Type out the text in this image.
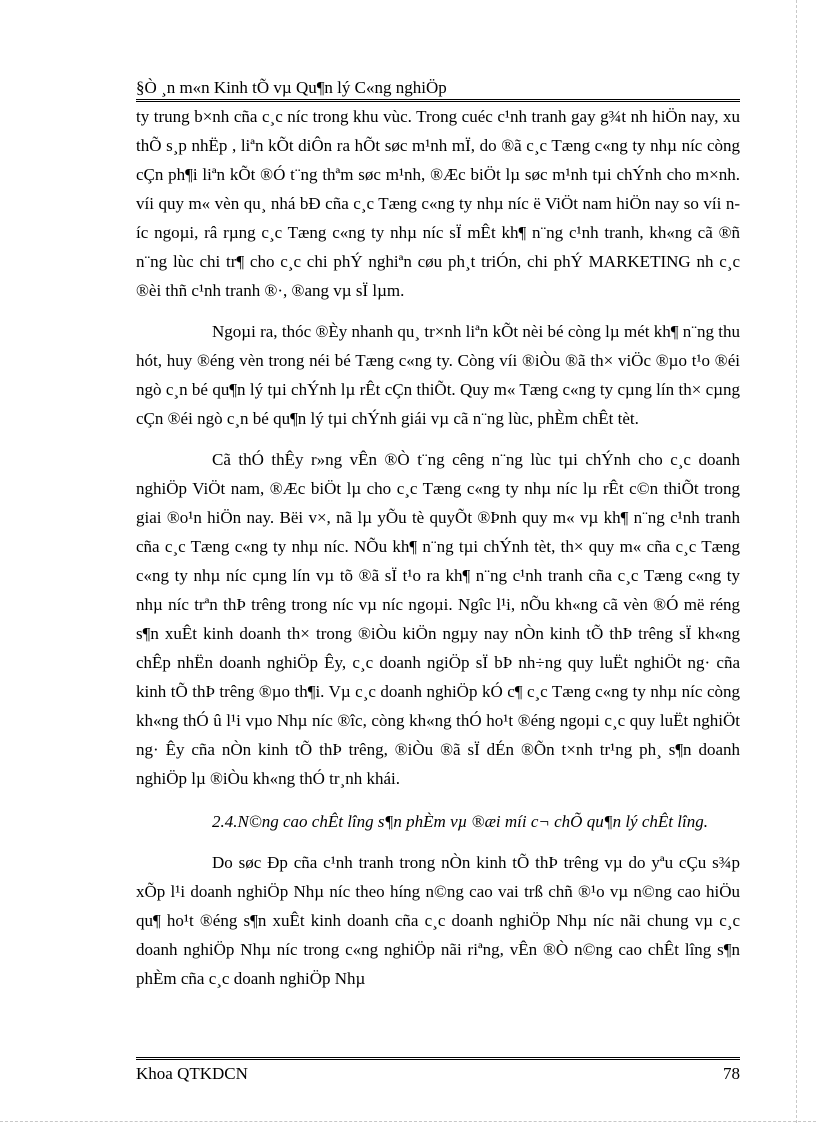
§Ò ¸n m«n Kinh tÕ vµ Qu¶n lý C«ng nghiÖp

ty trung b×nh cña c¸c níc trong khu vùc. Trong cuéc c¹nh tranh gay g¾t nh hiÖn nay, xu thÕ s¸p nhËp , liªn kÕt diÔn ra hÕt søc m¹nh mÏ, do ®ã c¸c Tæng c«ng ty nhµ níc còng cÇn ph¶i liªn kÕt ®Ó t¨ng thªm søc m¹nh, ®Æc biÖt lµ søc m¹nh tµi chÝnh cho m×nh. víi quy m« vèn qu¸ nhá bÐ cña c¸c Tæng c«ng ty nhµ níc ë ViÖt nam hiÖn nay so víi níc ngoµi, râ rµng c¸c Tæng c«ng ty nhµ níc sÏ mÊt kh¶ n¨ng c¹nh tranh, kh«ng cã ®ñ n¨ng lùc chi tr¶ cho c¸c chi phÝ nghiªn cøu ph¸t triÓn, chi phÝ MARKETING nh c¸c ®èi thñ c¹nh tranh ®·, ®ang vµ sÏ lµm.

Ngoµi ra, thóc ®Èy nhanh qu¸ tr×nh liªn kÕt nèi bé còng lµ mét kh¶ n¨ng thu hót, huy ®éng vèn trong néi bé Tæng c«ng ty. Còng víi ®iÒu ®ã th× viÖc ®µo t¹o ®éi ngò c¸n bé qu¶n lý tµi chÝnh lµ rÊt cÇn thiÕt. Quy m« Tæng c«ng ty cµng lín th× cµng cÇn ®éi ngò c¸n bé qu¶n lý tµi chÝnh giái vµ cã n¨ng lùc, phÈm chÊt tèt.

Cã thÓ thÊy r»ng vÊn ®Ò t¨ng cêng n¨ng lùc tµi chÝnh cho c¸c doanh nghiÖp ViÖt nam, ®Æc biÖt lµ cho c¸c Tæng c«ng ty nhµ níc lµ rÊt c©n thiÕt trong giai ®o¹n hiÖn nay. Bëi v×, nã lµ yÕu tè quyÕt ®Þnh quy m« vµ kh¶ n¨ng c¹nh tranh cña c¸c Tæng c«ng ty nhµ níc. NÕu kh¶ n¨ng tµi chÝnh tèt, th× quy m« cña c¸c Tæng c«ng ty nhµ níc cµng lín vµ tõ ®ã sÏ t¹o ra kh¶ n¨ng c¹nh tranh cña c¸c Tæng c«ng ty nhµ níc trªn thÞ trêng trong níc vµ níc ngoµi. Ngîc l¹i, nÕu kh«ng cã vèn ®Ó më réng s¶n xuÊt kinh doanh th× trong ®iÒu kiÖn ngµy nay nÒn kinh tÕ thÞ trêng sÏ kh«ng chÊp nhËn doanh nghiÖp Êy, c¸c doanh ngiÖp sÏ bÞ nh÷ng quy luËt nghiÖt ng· cña kinh tÕ thÞ trêng ®µo th¶i. Vµ c¸c doanh nghiÖp kÓ c¶ c¸c Tæng c«ng ty nhµ níc còng kh«ng thÓ û l¹i vµo Nhµ níc ®îc, còng kh«ng thÓ ho¹t ®éng ngoµi c¸c quy luËt nghiÖt ng· Êy cña nÒn kinh tÕ thÞ trêng, ®iÒu ®ã sÏ dÉn ®Õn t×nh tr¹ng ph¸ s¶n doanh nghiÖp lµ ®iÒu kh«ng thÓ tr¸nh khái.

2.4.N©ng cao chÊt lîng s¶n phÈm vµ ®æi míi c¬ chÕ qu¶n lý chÊt lîng.

Do søc Ðp cña c¹nh tranh trong nÒn kinh tÕ thÞ trêng vµ do yªu cÇu s¾p xÕp l¹i doanh nghiÖp Nhµ níc theo híng n©ng cao vai trß chñ ®¹o vµ n©ng cao hiÖu qu¶ ho¹t ®éng s¶n xuÊt kinh doanh cña c¸c doanh nghiÖp Nhµ níc nãi chung vµ c¸c doanh nghiÖp Nhµ níc trong c«ng nghiÖp nãi riªng, vÊn ®Ò n©ng cao chÊt lîng s¶n phÈm cña c¸c doanh nghiÖp Nhµ

Khoa QTKDCN	78
